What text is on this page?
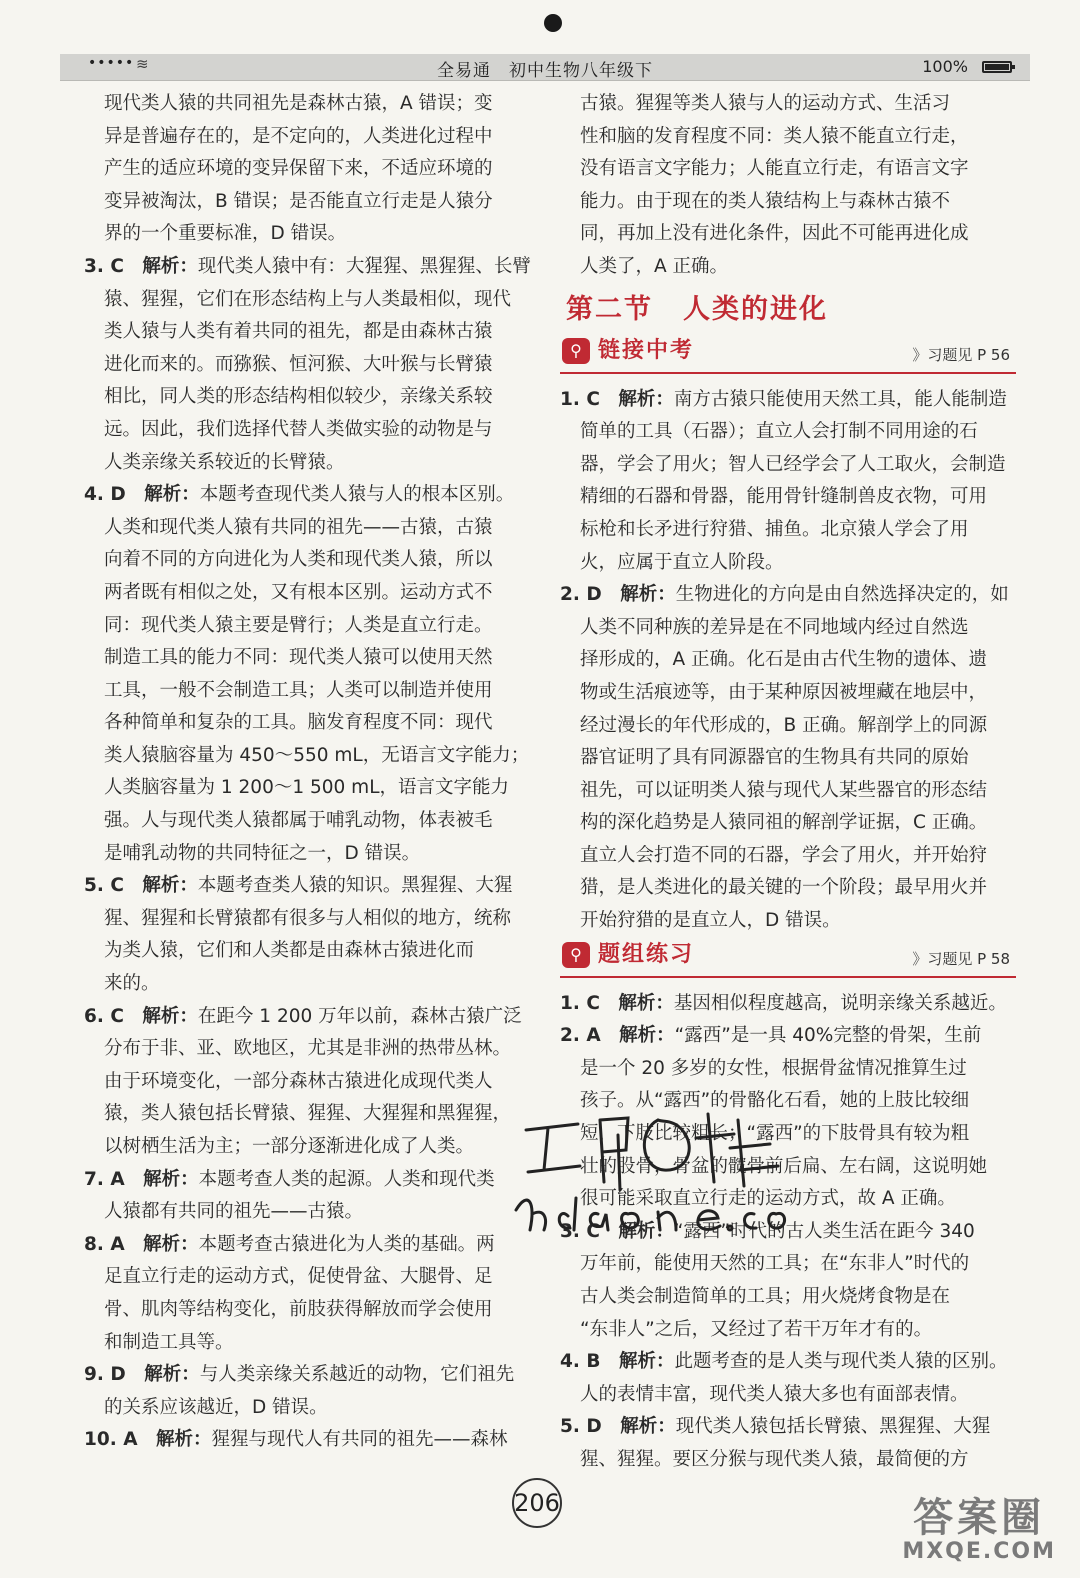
••••• ≋	全易通　初中生物八年级下	100%
现代类人猿的共同祖先是森林古猿，A 错误；变
异是普遍存在的，是不定向的，人类进化过程中
产生的适应环境的变异保留下来，不适应环境的
变异被淘汰，B 错误；是否能直立行走是人猿分
界的一个重要标准，D 错误。
3. C　解析：现代类人猿中有：大猩猩、黑猩猩、长臂
猿、猩猩，它们在形态结构上与人类最相似，现代
类人猿与人类有着共同的祖先，都是由森林古猿
进化而来的。而猕猴、恒河猴、大叶猴与长臂猿
相比，同人类的形态结构相似较少，亲缘关系较
远。因此，我们选择代替人类做实验的动物是与
人类亲缘关系较近的长臂猿。
4. D　解析：本题考查现代类人猿与人的根本区别。
人类和现代类人猿有共同的祖先——古猿，古猿
向着不同的方向进化为人类和现代类人猿，所以
两者既有相似之处，又有根本区别。运动方式不
同：现代类人猿主要是臂行；人类是直立行走。
制造工具的能力不同：现代类人猿可以使用天然
工具，一般不会制造工具；人类可以制造并使用
各种简单和复杂的工具。脑发育程度不同：现代
类人猿脑容量为 450～550 mL，无语言文字能力；
人类脑容量为 1 200～1 500 mL，语言文字能力
强。人与现代类人猿都属于哺乳动物，体表被毛
是哺乳动物的共同特征之一，D 错误。
5. C　解析：本题考查类人猿的知识。黑猩猩、大猩
猩、猩猩和长臂猿都有很多与人相似的地方，统称
为类人猿，它们和人类都是由森林古猿进化而
来的。
6. C　解析：在距今 1 200 万年以前，森林古猿广泛
分布于非、亚、欧地区，尤其是非洲的热带丛林。
由于环境变化，一部分森林古猿进化成现代类人
猿，类人猿包括长臂猿、猩猩、大猩猩和黑猩猩，
以树栖生活为主；一部分逐渐进化成了人类。
7. A　解析：本题考查人类的起源。人类和现代类
人猿都有共同的祖先——古猿。
8. A　解析：本题考查古猿进化为人类的基础。两
足直立行走的运动方式，促使骨盆、大腿骨、足
骨、肌肉等结构变化，前肢获得解放而学会使用
和制造工具等。
9. D　解析：与人类亲缘关系越近的动物，它们祖先
的关系应该越近，D 错误。
10. A　解析：猩猩与现代人有共同的祖先——森林
古猿。猩猩等类人猿与人的运动方式、生活习
性和脑的发育程度不同：类人猿不能直立行走，
没有语言文字能力；人能直立行走，有语言文字
能力。由于现在的类人猿结构上与森林古猿不
同，再加上没有进化条件，因此不可能再进化成
人类了，A 正确。
第二节 人类的进化
⚲ 链接中考	》习题见 P 56
1. C　解析：南方古猿只能使用天然工具，能人能制造
简单的工具（石器）；直立人会打制不同用途的石
器，学会了用火；智人已经学会了人工取火，会制造
精细的石器和骨器，能用骨针缝制兽皮衣物，可用
标枪和长矛进行狩猎、捕鱼。北京猿人学会了用
火，应属于直立人阶段。
2. D　解析：生物进化的方向是由自然选择决定的，如
人类不同种族的差异是在不同地域内经过自然选
择形成的，A 正确。化石是由古代生物的遗体、遗
物或生活痕迹等，由于某种原因被埋藏在地层中，
经过漫长的年代形成的，B 正确。解剖学上的同源
器官证明了具有同源器官的生物具有共同的原始
祖先，可以证明类人猿与现代人某些器官的形态结
构的深化趋势是人猿同祖的解剖学证据，C 正确。
直立人会打造不同的石器，学会了用火，并开始狩
猎，是人类进化的最关键的一个阶段；最早用火并
开始狩猎的是直立人，D 错误。
⚲ 题组练习	》习题见 P 58
1. C　解析：基因相似程度越高，说明亲缘关系越近。
2. A　解析：“露西”是一具 40%完整的骨架，生前
是一个 20 多岁的女性，根据骨盆情况推算生过
孩子。从“露西”的骨骼化石看，她的上肢比较细
短，下肢比较粗长；“露西”的下肢骨具有较为粗
壮的股骨，骨盆的髋骨前后扁、左右阔，这说明她
很可能采取直立行走的运动方式，故 A 正确。
3. C　解析：“露西”时代的古人类生活在距今 340
万年前，能使用天然的工具；在“东非人”时代的
古人类会制造简单的工具；用火烧烤食物是在
“东非人”之后，又经过了若干万年才有的。
4. B　解析：此题考查的是人类与现代类人猿的区别。
人的表情丰富，现代类人猿大多也有面部表情。
5. D　解析：现代类人猿包括长臂猿、黑猩猩、大猩
猩、猩猩。要区分猴与现代类人猿，最简便的方
206	答案圈
MXQE.COM
